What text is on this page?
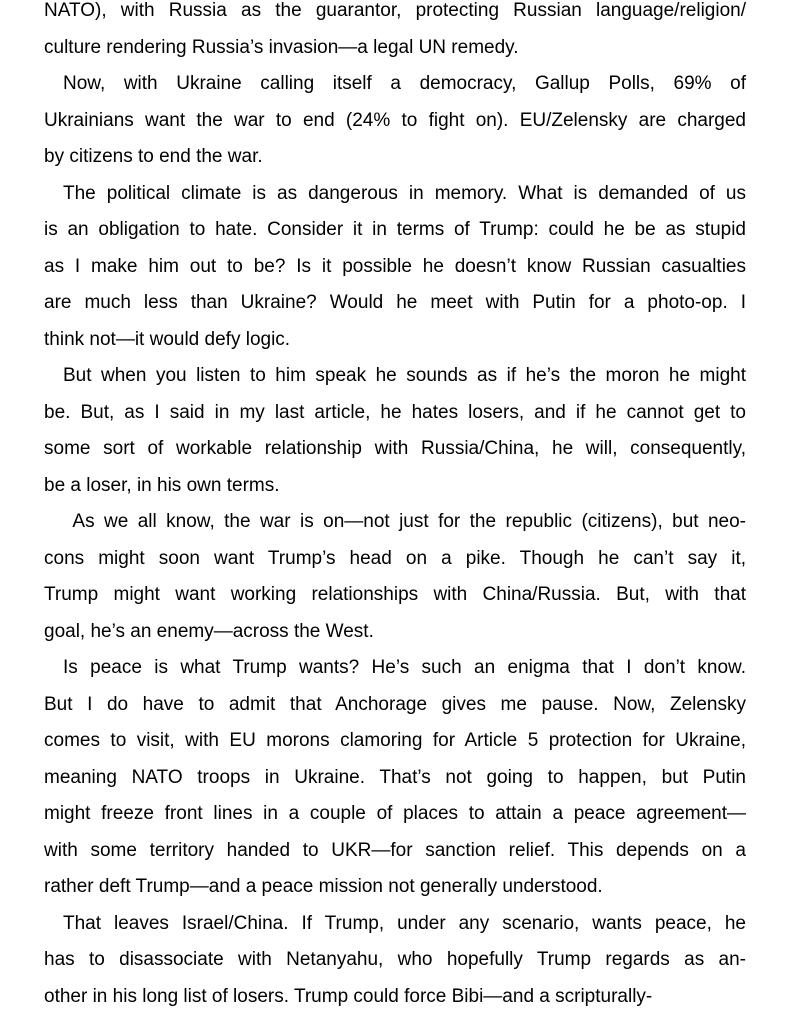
NATO), with Russia as the guarantor, protecting Russian language/religion/
culture rendering Russia’s invasion—a legal UN remedy.
Now, with Ukraine calling itself a democracy, Gallup Polls, 69% of
Ukrainians want the war to end (24% to fight on). EU/Zelensky are charged
by citizens to end the war.
The political climate is as dangerous in memory. What is demanded of us
is an obligation to hate. Consider it in terms of Trump: could he be as stupid
as I make him out to be? Is it possible he doesn’t know Russian casualties
are much less than Ukraine? Would he meet with Putin for a photo-op. I
think not—it would defy logic.
But when you listen to him speak he sounds as if he’s the moron he might
be. But, as I said in my last article, he hates losers, and if he cannot get to
some sort of workable relationship with Russia/China, he will, consequently,
be a loser, in his own terms.
As we all know, the war is on—not just for the republic (citizens), but neo-
cons might soon want Trump’s head on a pike. Though he can’t say it,
Trump might want working relationships with China/Russia. But, with that
goal, he’s an enemy—across the West.
Is peace is what Trump wants? He’s such an enigma that I don’t know.
But I do have to admit that Anchorage gives me pause. Now, Zelensky
comes to visit, with EU morons clamoring for Article 5 protection for Ukraine,
meaning NATO troops in Ukraine. That’s not going to happen, but Putin
might freeze front lines in a couple of places to attain a peace agreement—
with some territory handed to UKR—for sanction relief. This depends on a
rather deft Trump—and a peace mission not generally understood.
That leaves Israel/China. If Trump, under any scenario, wants peace, he
has to disassociate with Netanyahu, who hopefully Trump regards as an-
other in his long list of losers. Trump could force Bibi—and a scripturally-
